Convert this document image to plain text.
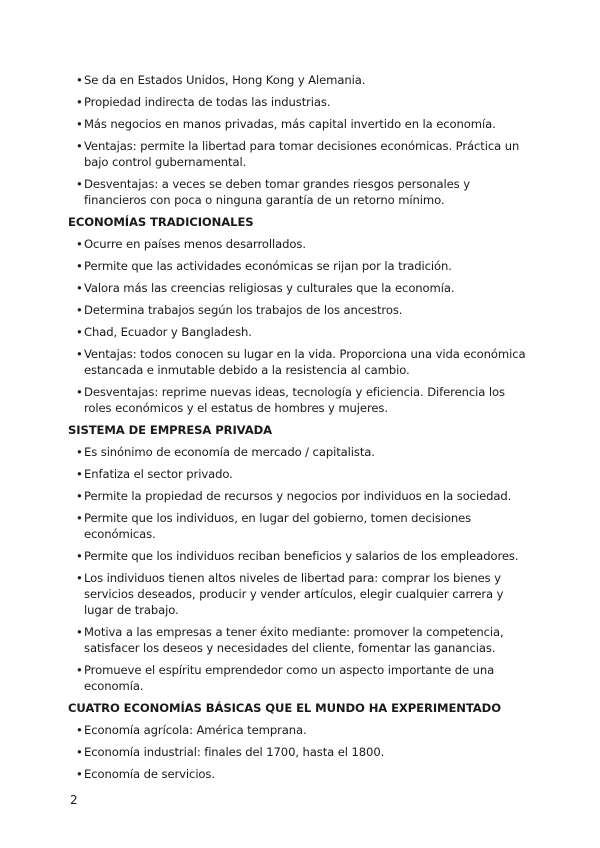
•Se da en Estados Unidos, Hong Kong y Alemania.

•Propiedad indirecta de todas las industrias.

•Más negocios en manos privadas, más capital invertido en la economía.

•Ventajas: permite la libertad para tomar decisiones económicas. Práctica un bajo control gubernamental.

•Desventajas: a veces se deben tomar grandes riesgos personales y financieros con poca o ninguna garantía de un retorno mínimo.

ECONOMÍAS TRADICIONALES

•Ocurre en países menos desarrollados.

•Permite que las actividades económicas se rijan por la tradición.

•Valora más las creencias religiosas y culturales que la economía.

•Determina trabajos según los trabajos de los ancestros.

•Chad, Ecuador y Bangladesh.

•Ventajas: todos conocen su lugar en la vida. Proporciona una vida económica estancada e inmutable debido a la resistencia al cambio.

•Desventajas: reprime nuevas ideas, tecnología y eficiencia. Diferencia los roles económicos y el estatus de hombres y mujeres.

SISTEMA DE EMPRESA PRIVADA

•Es sinónimo de economía de mercado / capitalista.

•Enfatiza el sector privado.

•Permite la propiedad de recursos y negocios por individuos en la sociedad.

•Permite que los individuos, en lugar del gobierno, tomen decisiones económicas.

•Permite que los individuos reciban beneficios y salarios de los empleadores.

•Los individuos tienen altos niveles de libertad para: comprar los bienes y servicios deseados, producir y vender artículos, elegir cualquier carrera y lugar de trabajo.

•Motiva a las empresas a tener éxito mediante: promover la competencia, satisfacer los deseos y necesidades del cliente, fomentar las ganancias.

•Promueve el espíritu emprendedor como un aspecto importante de una economía.

CUATRO ECONOMÍAS BÁSICAS QUE EL MUNDO HA EXPERIMENTADO

•Economía agrícola: América temprana.

•Economía industrial: finales del 1700, hasta el 1800.

•Economía de servicios.

2
